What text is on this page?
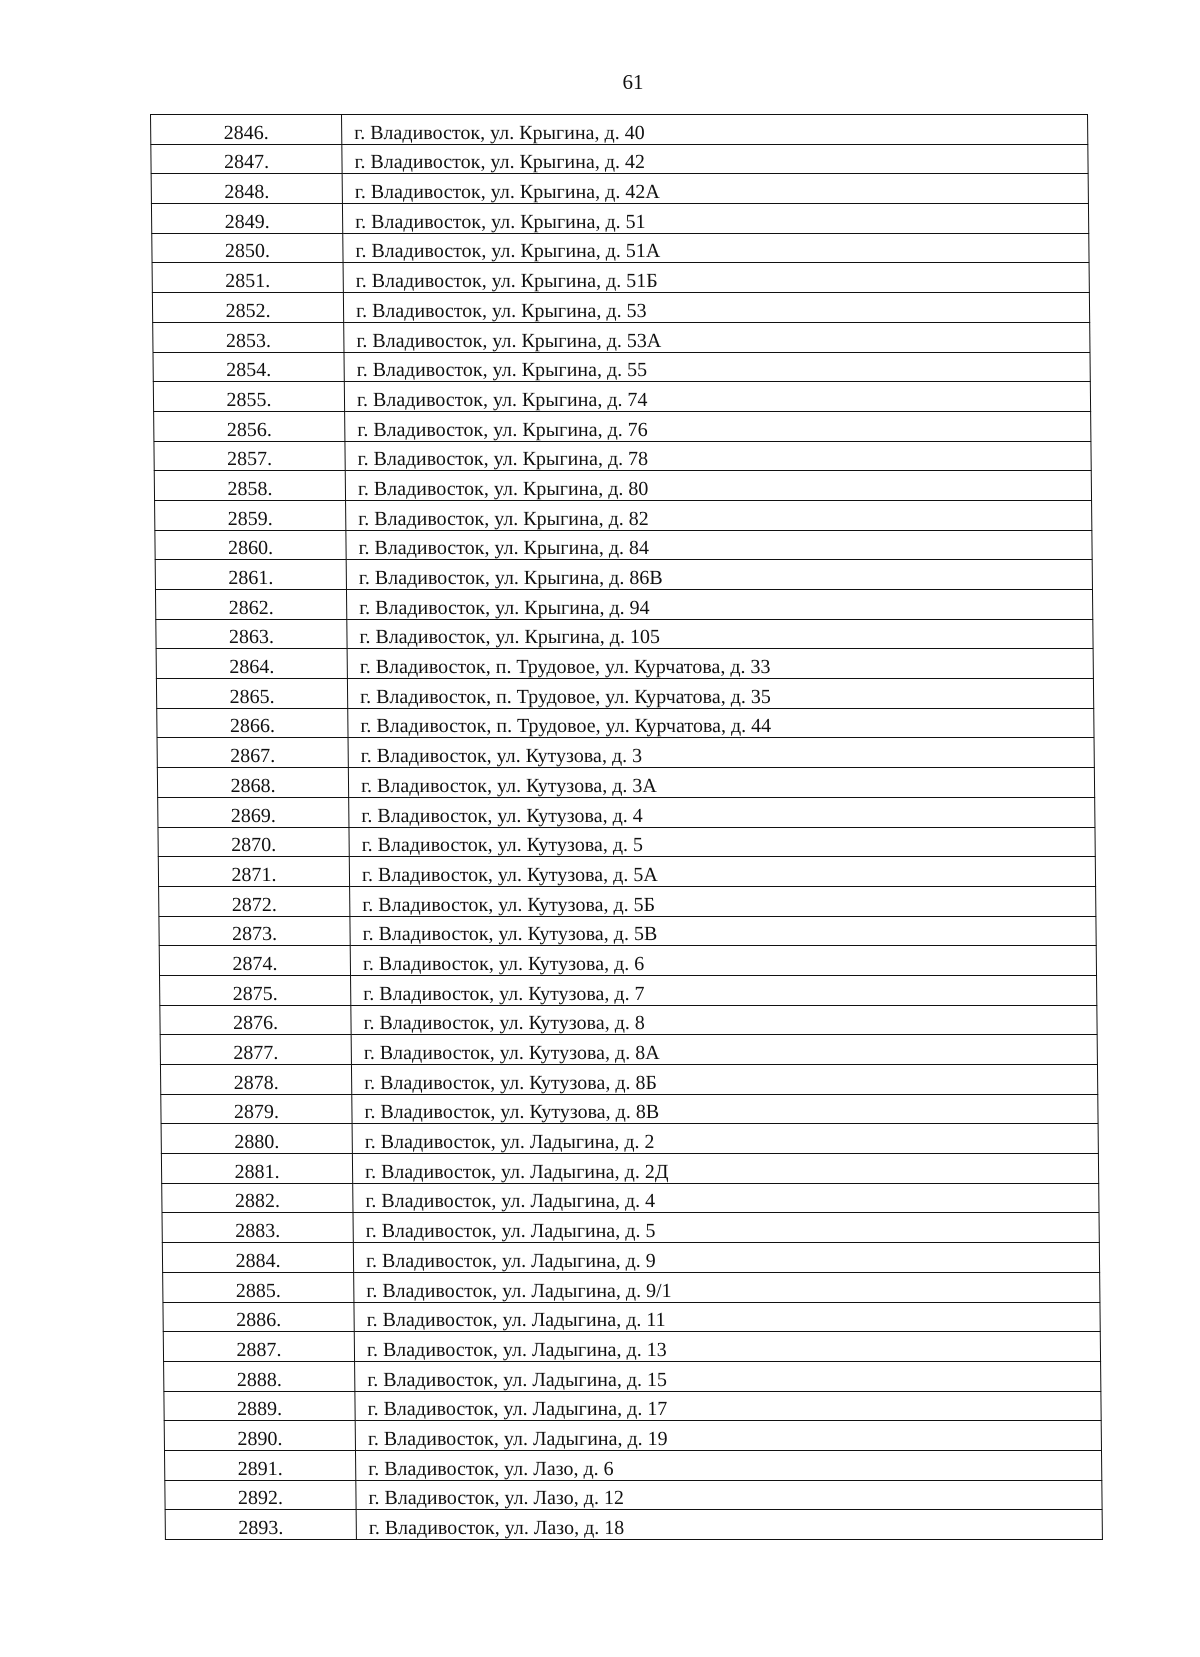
61
2846.	г. Владивосток, ул. Крыгина, д. 40
2847.	г. Владивосток, ул. Крыгина, д. 42
2848.	г. Владивосток, ул. Крыгина, д. 42А
2849.	г. Владивосток, ул. Крыгина, д. 51
2850.	г. Владивосток, ул. Крыгина, д. 51А
2851.	г. Владивосток, ул. Крыгина, д. 51Б
2852.	г. Владивосток, ул. Крыгина, д. 53
2853.	г. Владивосток, ул. Крыгина, д. 53А
2854.	г. Владивосток, ул. Крыгина, д. 55
2855.	г. Владивосток, ул. Крыгина, д. 74
2856.	г. Владивосток, ул. Крыгина, д. 76
2857.	г. Владивосток, ул. Крыгина, д. 78
2858.	г. Владивосток, ул. Крыгина, д. 80
2859.	г. Владивосток, ул. Крыгина, д. 82
2860.	г. Владивосток, ул. Крыгина, д. 84
2861.	г. Владивосток, ул. Крыгина, д. 86В
2862.	г. Владивосток, ул. Крыгина, д. 94
2863.	г. Владивосток, ул. Крыгина, д. 105
2864.	г. Владивосток, п. Трудовое, ул. Курчатова, д. 33
2865.	г. Владивосток, п. Трудовое, ул. Курчатова, д. 35
2866.	г. Владивосток, п. Трудовое, ул. Курчатова, д. 44
2867.	г. Владивосток, ул. Кутузова, д. 3
2868.	г. Владивосток, ул. Кутузова, д. 3А
2869.	г. Владивосток, ул. Кутузова, д. 4
2870.	г. Владивосток, ул. Кутузова, д. 5
2871.	г. Владивосток, ул. Кутузова, д. 5А
2872.	г. Владивосток, ул. Кутузова, д. 5Б
2873.	г. Владивосток, ул. Кутузова, д. 5В
2874.	г. Владивосток, ул. Кутузова, д. 6
2875.	г. Владивосток, ул. Кутузова, д. 7
2876.	г. Владивосток, ул. Кутузова, д. 8
2877.	г. Владивосток, ул. Кутузова, д. 8А
2878.	г. Владивосток, ул. Кутузова, д. 8Б
2879.	г. Владивосток, ул. Кутузова, д. 8В
2880.	г. Владивосток, ул. Ладыгина, д. 2
2881.	г. Владивосток, ул. Ладыгина, д. 2Д
2882.	г. Владивосток, ул. Ладыгина, д. 4
2883.	г. Владивосток, ул. Ладыгина, д. 5
2884.	г. Владивосток, ул. Ладыгина, д. 9
2885.	г. Владивосток, ул. Ладыгина, д. 9/1
2886.	г. Владивосток, ул. Ладыгина, д. 11
2887.	г. Владивосток, ул. Ладыгина, д. 13
2888.	г. Владивосток, ул. Ладыгина, д. 15
2889.	г. Владивосток, ул. Ладыгина, д. 17
2890.	г. Владивосток, ул. Ладыгина, д. 19
2891.	г. Владивосток, ул. Лазо, д. 6
2892.	г. Владивосток, ул. Лазо, д. 12
2893.	г. Владивосток, ул. Лазо, д. 18
